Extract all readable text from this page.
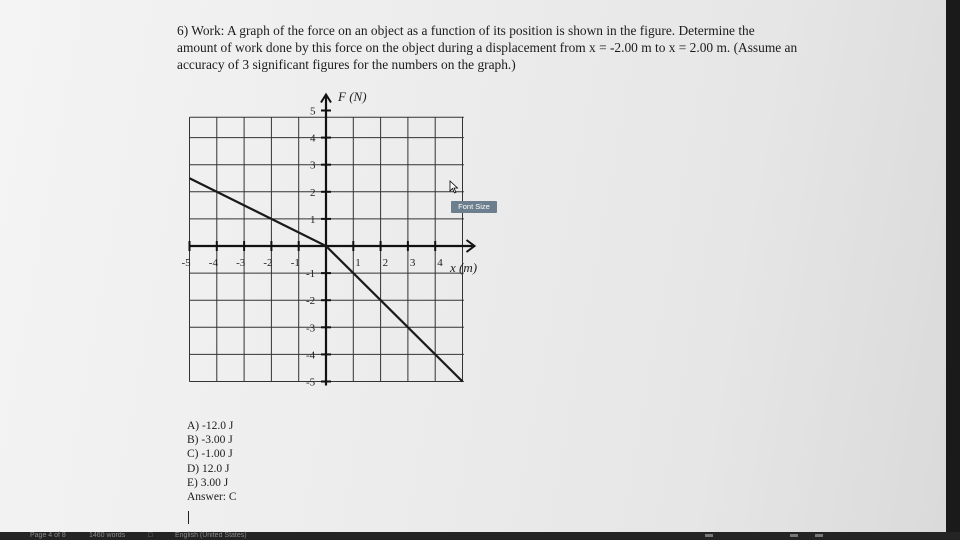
6) Work: A graph of the force on an object as a function of its position is shown in the figure. Determine the
amount of work done by this force on the object during a displacement from x = -2.00 m to x = 2.00 m. (Assume an
accuracy of 3 significant figures for the numbers on the graph.)
-5 -4 -3 -2 -1	1 2 3 4
5
4
3
2
1
-1
-2
-3
-4
-5
F (N)
x (m)
Font Size
A) -12.0 J
B) -3.00 J
C) -1.00 J
D) 12.0 J
E) 3.00 J
Answer: C
Page 4 of 8	1460 words	□	English (United States)
